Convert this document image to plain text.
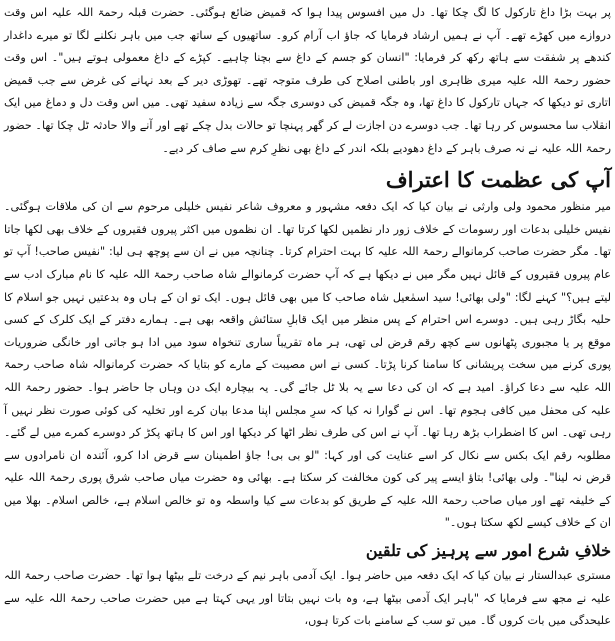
پر بہت بڑا داغ تارکول کا لگ چکا تھا۔ دل میں افسوس پیدا ہوا کہ قمیض ضائع ہوگئی۔ حضرت قبلہ رحمۃ اللہ علیہ اس وقت دروازے میں کھڑے تھے۔ آپ نے ہمیں ارشاد فرمایا کہ جاؤ اب آرام کرو۔ ساتھیوں کے ساتھ جب میں باہر نکلنے لگا تو میرے داغدار کندھے پر شفقت سے ہاتھ رکھ کر فرمایا: "انسان کو جسم کے داغ سے بچنا چاہیے۔ کپڑے کے داغ معمولی ہوتے ہیں"۔ اس وقت حضور رحمۃ اللہ علیہ میری ظاہری اور باطنی اصلاح کی طرف متوجہ تھے۔ تھوڑی دیر کے بعد نہانے کی غرض سے جب قمیض اتاری تو دیکھا کہ جہاں تارکول کا داغ تھا، وہ جگہ قمیض کی دوسری جگہ سے زیادہ سفید تھی۔ میں اس وقت دل و دماغ میں ایک انقلاب سا محسوس کر رہا تھا۔ جب دوسرے دن اجازت لے کر گھر پہنچا تو حالات بدل چکے تھے اور آنے والا حادثہ ٹل چکا تھا۔ حضور رحمۃ اللہ علیہ نے نہ صرف باہر کے داغ دھودیے بلکہ اندر کے داغ بھی نظرِ کرم سے صاف کر دیے۔

آپ کی عظمت کا اعتراف

میر منظور محمود ولی وارثی نے بیان کیا کہ ایک دفعہ مشہور و معروف شاعر نفیس خلیلی مرحوم سے ان کی ملاقات ہوگئی۔ نفیس خلیلی بدعات اور رسومات کے خلاف زور دار نظمیں لکھا کرتا تھا۔ ان نظموں میں اکثر پیروں فقیروں کے خلاف بھی لکھا جاتا تھا۔ مگر حضرت صاحب کرمانوالے رحمۃ اللہ علیہ کا بہت احترام کرتا۔ چنانچہ میں نے ان سے پوچھ ہی لیا: "نفیس صاحب! آپ تو عام پیروں فقیروں کے قائل نہیں مگر میں نے دیکھا ہے کہ آپ حضرت کرمانوالے شاہ صاحب رحمۃ اللہ علیہ کا نام مبارک ادب سے لیتے ہیں؟" کہنے لگا: "ولی بھائی! سید اسمٰعیل شاہ صاحب کا میں بھی قائل ہوں۔ ایک تو ان کے ہاں وہ بدعتیں نہیں جو اسلام کا حلیہ بگاڑ رہی ہیں۔ دوسرے اس احترام کے پس منظر میں ایک قابلِ ستائش واقعہ بھی ہے۔ ہمارے دفتر کے ایک کلرک کے کسی موقع پر یا مجبوری پٹھانوں سے کچھ رقم قرض لی تھی، ہر ماہ تقریباً ساری تنخواہ سود میں ادا ہو جاتی اور خانگی ضروریات پوری کرنے میں سخت پریشانی کا سامنا کرنا پڑتا۔ کسی نے اس مصیبت کے مارے کو بتایا کہ حضرت کرمانوالہ شاہ صاحب رحمۃ اللہ علیہ سے دعا کراؤ۔ امید ہے کہ ان کی دعا سے یہ بلا ٹل جائے گی۔ یہ بیچارہ ایک دن وہاں جا حاضر ہوا۔ حضور رحمۃ اللہ علیہ کی محفل میں کافی ہجوم تھا۔ اس نے گوارا نہ کیا کہ سرِ مجلس اپنا مدعا بیان کرے اور تخلیہ کی کوئی صورت نظر نہیں آ رہی تھی۔ اس کا اضطراب بڑھ رہا تھا۔ آپ نے اس کی طرف نظر اٹھا کر دیکھا اور اس کا ہاتھ پکڑ کر دوسرے کمرے میں لے گئے۔ مطلوبہ رقم ایک بکس سے نکال کر اسے عنایت کی اور کہا: "لو بی بی! جاؤ اطمینان سے قرض ادا کرو، آئندہ ان نامرادوں سے قرض نہ لینا"۔ ولی بھائی! بتاؤ ایسے پیر کی کون مخالفت کر سکتا ہے۔ بھائی وہ حضرت میاں صاحب شرق پوری رحمۃ اللہ علیہ کے خلیفہ تھے اور میاں صاحب رحمۃ اللہ علیہ کے طریق کو بدعات سے کیا واسطہ وہ تو خالص اسلام ہے، خالص اسلام۔ بھلا میں ان کے خلاف کیسے لکھ سکتا ہوں۔"

خلافِ شرع امور سے پرہیز کی تلقین

مستری عبدالستار نے بیان کیا کہ ایک دفعہ میں حاضر ہوا۔ ایک آدمی باہر نیم کے درخت تلے بیٹھا ہوا تھا۔ حضرت صاحب رحمۃ اللہ علیہ نے مجھ سے فرمایا کہ "باہر ایک آدمی بیٹھا ہے، وہ بات نہیں بتاتا اور یہی کہتا ہے میں حضرت صاحب رحمۃ اللہ علیہ سے علیحدگی میں بات کروں گا۔ میں تو سب کے سامنے بات کرتا ہوں،
